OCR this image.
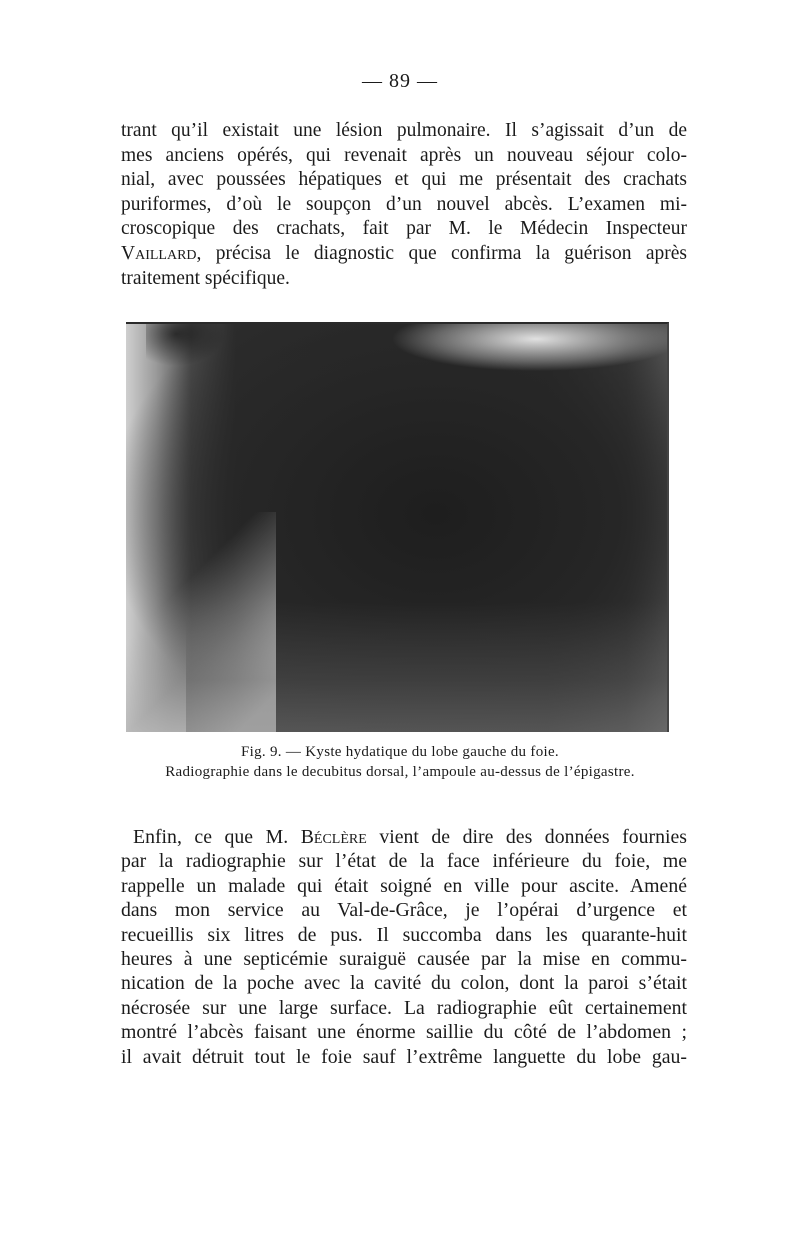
— 89 —

trant qu’il existait une lésion pulmonaire. Il s’agissait d’un de
mes anciens opérés, qui revenait après un nouveau séjour colo-
nial, avec poussées hépatiques et qui me présentait des crachats
puriformes, d’où le soupçon d’un nouvel abcès. L’examen mi-
croscopique des crachats, fait par M. le Médecin Inspecteur
Vaillard, précisa le diagnostic que confirma la guérison après
traitement spécifique.

Fig. 9. — Kyste hydatique du lobe gauche du foie.

Radiographie dans le decubitus dorsal, l’ampoule au-dessus de l’épigastre.

Enfin, ce que M. Béclère vient de dire des données fournies
par la radiographie sur l’état de la face inférieure du foie, me
rappelle un malade qui était soigné en ville pour ascite. Amené
dans mon service au Val-de-Grâce, je l’opérai d’urgence et
recueillis six litres de pus. Il succomba dans les quarante-huit
heures à une septicémie suraiguë causée par la mise en commu-
nication de la poche avec la cavité du colon, dont la paroi s’était
nécrosée sur une large surface. La radiographie eût certainement
montré l’abcès faisant une énorme saillie du côté de l’abdomen ;
il avait détruit tout le foie sauf l’extrême languette du lobe gau-
